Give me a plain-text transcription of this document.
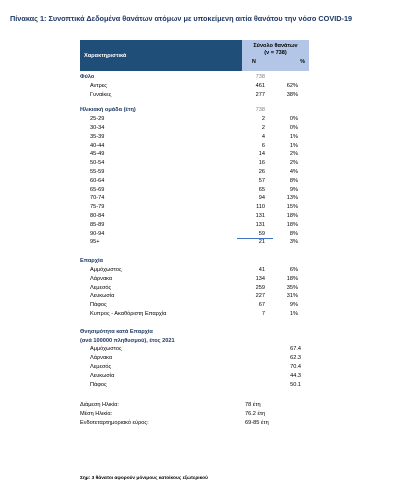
Πίνακας 1: Συνοπτικά Δεδομένα θανάτων ατόμων με υποκείμενη αιτία θανάτου την νόσο COVID-19
Χαρακτηριστικά
Σύνολο θανάτων
(ν = 738)
N	%
Φύλο	738
Αντρες	461	62%
Γυναίκες	277	38%
Ηλικιακή ομάδα (έτη)	738
25-29	2	0%
30-34	2	0%
35-39	4	1%
40-44	6	1%
45-49	14	2%
50-54	16	2%
55-59	26	4%
60-64	57	8%
65-69	65	9%
70-74	94	13%
75-79	110	15%
80-84	131	18%
85-89	131	18%
90-94	59	8%
95+	21	3%
Επαρχία
Αμμόχωστος	41	6%
Λάρνακα	134	18%
Λεμεσός	259	35%
Λευκωσία	227	31%
Πάφος	67	9%
Κυπρος - Ακαθόριστη Επαρχία	7	1%
Θνησιμότητα κατά Επαρχία
(ανά 100000 πληθυσμού), έτος 2021
Αμμόχωστος	67.4
Λάρνακα	62.3
Λεμεσός	70.4
Λευκωσία	44.3
Πάφος	50.1
Διάμεση Ηλικία:	78 έτη
Μέση Ηλικία:	76.2 έτη
Ενδοτεταρτημοριακό εύρος:	69-85 έτη
Σημ: 3 θάνατοι αφορούν μόνιμους κατοίκους εξωτερικού
